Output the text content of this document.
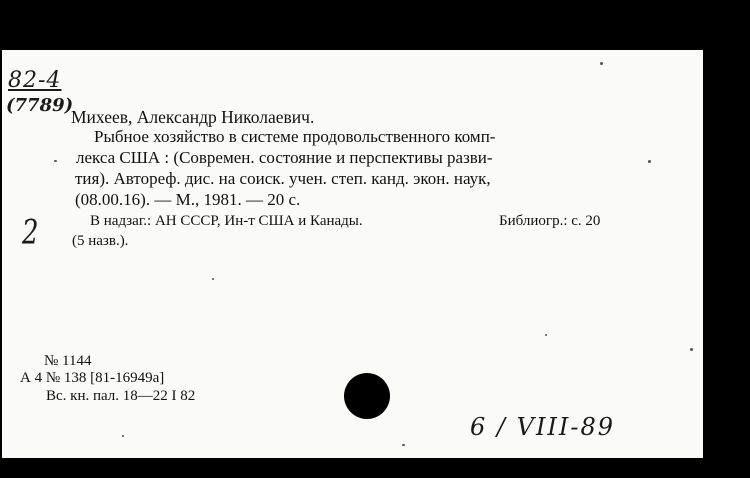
82-4
(7789)
Михеев, Александр Николаевич.
Рыбное хозяйство в системе продовольственного комп-
лекса США : (Современ. состояние и перспективы разви-
тия). Автореф. дис. на соиск. учен. степ. канд. экон. наук,
(08.00.16). — М., 1981. — 20 с.
В надзаг.: АН СССР, Ин-т США и Канады.	Библиогр.: с. 20
(5 назв.).
2
№ 1144
А 4 № 138 [81-16949а]
Вс. кн. пал. 18—22 I 82
6 / VIII-89
